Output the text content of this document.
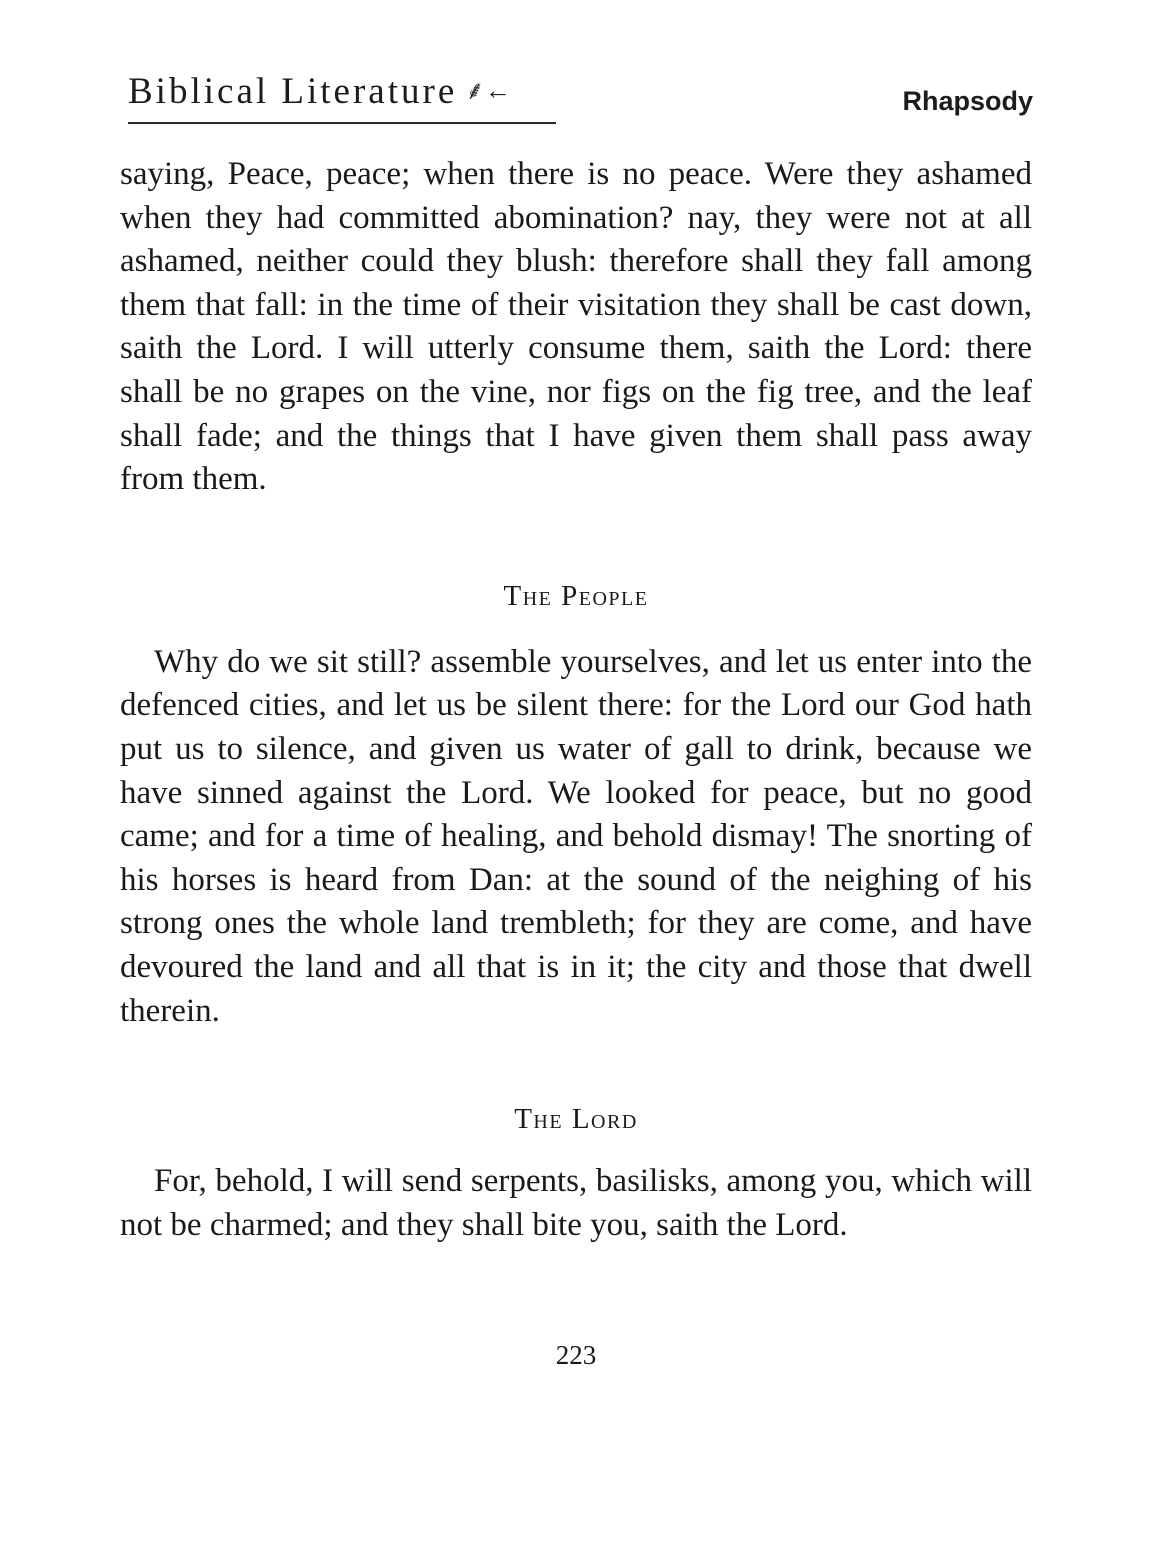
Biblical Literature ⸙←	Rhapsody

saying, Peace, peace; when there is no peace. Were they ashamed when they had committed abomination? nay, they were not at all ashamed, neither could they blush: therefore shall they fall among them that fall: in the time of their visitation they shall be cast down, saith the Lord. I will utterly consume them, saith the Lord: there shall be no grapes on the vine, nor figs on the fig tree, and the leaf shall fade; and the things that I have given them shall pass away from them.

The People

Why do we sit still? assemble yourselves, and let us enter into the defenced cities, and let us be silent there: for the Lord our God hath put us to silence, and given us water of gall to drink, because we have sinned against the Lord. We looked for peace, but no good came; and for a time of healing, and behold dismay! The snorting of his horses is heard from Dan: at the sound of the neighing of his strong ones the whole land trembleth; for they are come, and have devoured the land and all that is in it; the city and those that dwell therein.

The Lord

For, behold, I will send serpents, basilisks, among you, which will not be charmed; and they shall bite you, saith the Lord.

223
